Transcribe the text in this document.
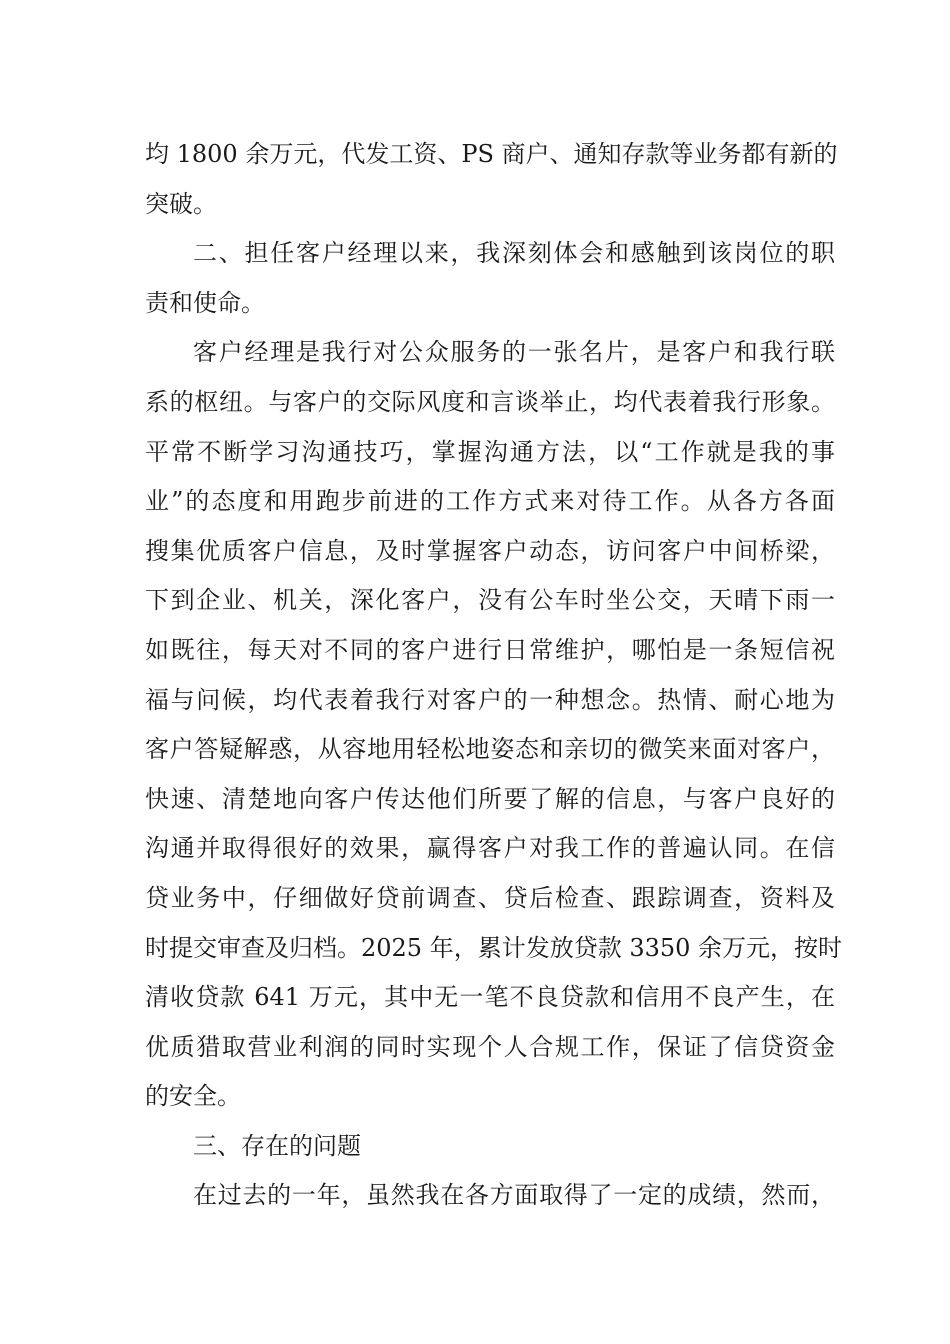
均 1800 余万元，代发工资、PS 商户、通知存款等业务都有新的
突破。
二、担任客户经理以来，我深刻体会和感触到该岗位的职
责和使命。
客户经理是我行对公众服务的一张名片，是客户和我行联
系的枢纽。与客户的交际风度和言谈举止，均代表着我行形象。
平常不断学习沟通技巧，掌握沟通方法，以“工作就是我的事
业”的态度和用跑步前进的工作方式来对待工作。从各方各面
搜集优质客户信息，及时掌握客户动态，访问客户中间桥梁，
下到企业、机关，深化客户，没有公车时坐公交，天晴下雨一
如既往，每天对不同的客户进行日常维护，哪怕是一条短信祝
福与问候，均代表着我行对客户的一种想念。热情、耐心地为
客户答疑解惑，从容地用轻松地姿态和亲切的微笑来面对客户，
快速、清楚地向客户传达他们所要了解的信息，与客户良好的
沟通并取得很好的效果，赢得客户对我工作的普遍认同。在信
贷业务中，仔细做好贷前调查、贷后检查、跟踪调查，资料及
时提交审查及归档。2025 年，累计发放贷款 3350 余万元，按时
清收贷款 641 万元，其中无一笔不良贷款和信用不良产生，在
优质猎取营业利润的同时实现个人合规工作，保证了信贷资金
的安全。
三、存在的问题
在过去的一年，虽然我在各方面取得了一定的成绩，然而，
